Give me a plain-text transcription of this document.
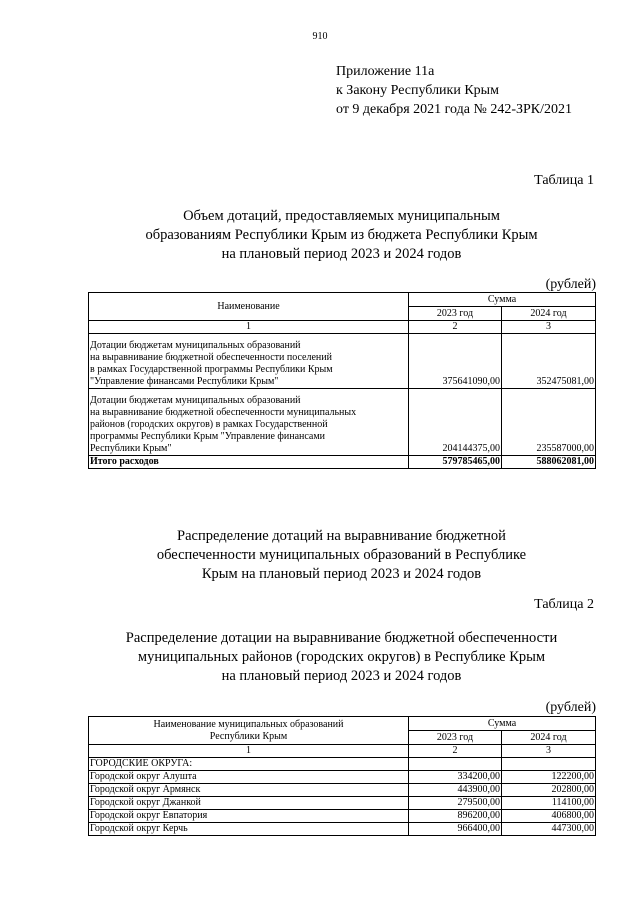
910
Приложение 11а
к Закону Республики Крым
от 9 декабря 2021 года № 242-ЗРК/2021
Таблица 1
Объем дотаций, предоставляемых муниципальным
образованиям Республики Крым из бюджета Республики Крым
на плановый период 2023 и 2024 годов
(рублей)
Наименование	Сумма	
	2023 год	2024 год
1	2	3

Дотации бюджетам муниципальных образований
на выравнивание бюджетной обеспеченности поселений
в рамках Государственной программы Республики Крым
"Управление финансами Республики Крым"	375641090,00	352475081,00

Дотации бюджетам муниципальных образований
на выравнивание бюджетной обеспеченности муниципальных
районов (городских округов) в рамках Государственной
программы Республики Крым "Управление финансами
Республики Крым"	204144375,00	235587000,00
Итого расходов	579785465,00	588062081,00
Распределение дотаций на выравнивание бюджетной
обеспеченности муниципальных образований в Республике
Крым на плановый период 2023 и 2024 годов
Таблица 2
Распределение дотации на выравнивание бюджетной обеспеченности
муниципальных районов (городских округов) в Республике Крым
на плановый период 2023 и 2024 годов
(рублей)
Наименование муниципальных образований
Республики Крым	Сумма	
	2023 год	2024 год
1	2	3
ГОРОДСКИЕ ОКРУГА:		
Городской округ Алушта	334200,00	122200,00
Городской округ Армянск	443900,00	202800,00
Городской округ Джанкой	279500,00	114100,00
Городской округ Евпатория	896200,00	406800,00
Городской округ Керчь	966400,00	447300,00
